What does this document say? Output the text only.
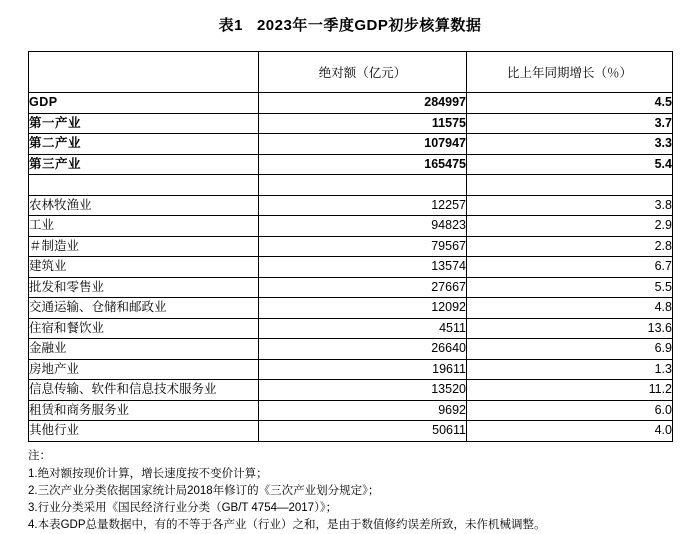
表1 2023年一季度GDP初步核算数据
	绝对额（亿元）	比上年同期增长（％）
GDP	284997	4.5
第一产业	11575	3.7
第二产业	107947	3.3
第三产业	165475	5.4

农林牧渔业	12257	3.8
工业	94823	2.9
＃制造业	79567	2.8
建筑业	13574	6.7
批发和零售业	27667	5.5
交通运输、仓储和邮政业	12092	4.8
住宿和餐饮业	4511	13.6
金融业	26640	6.9
房地产业	19611	1.3
信息传输、软件和信息技术服务业	13520	11.2
租赁和商务服务业	9692	6.0
其他行业	50611	4.0
注：
1.绝对额按现价计算，增长速度按不变价计算；
2.三次产业分类依据国家统计局2018年修订的《三次产业划分规定》；
3.行业分类采用《国民经济行业分类（GB/T 4754—2017）》；
4.本表GDP总量数据中，有的不等于各产业（行业）之和，是由于数值修约误差所致，未作机械调整。
